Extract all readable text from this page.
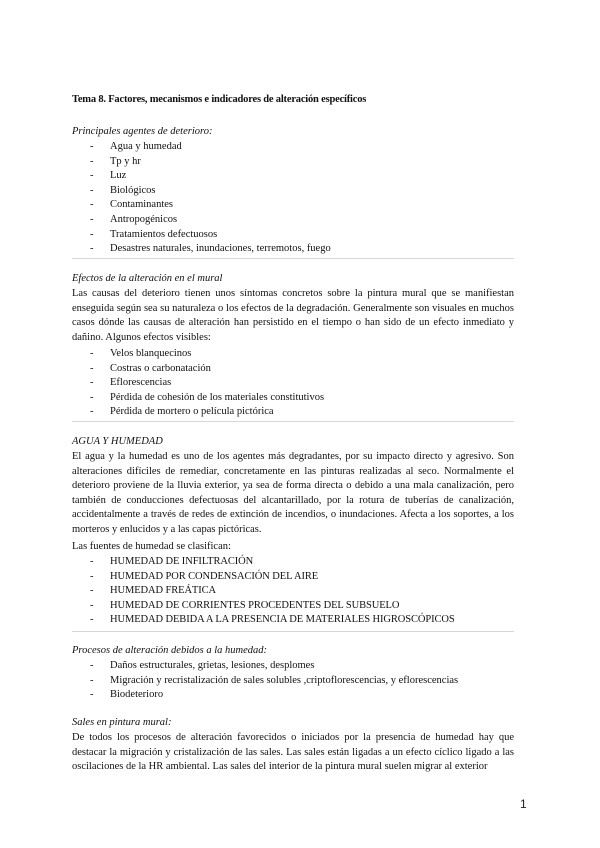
Tema 8. Factores, mecanismos e indicadores de alteración específicos
Principales agentes de deterioro:
- Agua y humedad
- Tp y hr
- Luz
- Biológicos
- Contaminantes
- Antropogénicos
- Tratamientos defectuosos
- Desastres naturales, inundaciones, terremotos, fuego
Efectos de la alteración en el mural
Las causas del deterioro tienen unos síntomas concretos sobre la pintura mural que se manifiestan enseguida según sea su naturaleza o los efectos de la degradación. Generalmente son visuales en muchos casos dónde las causas de alteración han persistido en el tiempo o han sido de un efecto inmediato y dañino. Algunos efectos visibles:
- Velos blanquecinos
- Costras o carbonatación
- Eflorescencias
- Pérdida de cohesión de los materiales constitutivos
- Pérdida de mortero o película pictórica
AGUA Y HUMEDAD
El agua y la humedad es uno de los agentes más degradantes, por su impacto directo y agresivo. Son alteraciones difíciles de remediar, concretamente en las pinturas realizadas al seco. Normalmente el deterioro proviene de la lluvia exterior, ya sea de forma directa o debido a una mala canalización, pero también de conducciones defectuosas del alcantarillado, por la rotura de tuberías de canalización, accidentalmente a través de redes de extinción de incendios, o inundaciones. Afecta a los soportes, a los morteros y enlucidos y a las capas pictóricas.
Las fuentes de humedad se clasifican:
- HUMEDAD DE INFILTRACIÓN
- HUMEDAD POR CONDENSACIÓN DEL AIRE
- HUMEDAD FREÁTICA
- HUMEDAD DE CORRIENTES PROCEDENTES DEL SUBSUELO
- HUMEDAD DEBIDA A LA PRESENCIA DE MATERIALES HIGROSCÓPICOS
Procesos de alteración debidos a la humedad:
- Daños estructurales, grietas, lesiones, desplomes
- Migración y recristalización de sales solubles ,criptoflorescencias, y eflorescencias
- Biodeterioro
Sales en pintura mural:
De todos los procesos de alteración favorecidos o iniciados por la presencia de humedad hay que destacar la migración y cristalización de las sales. Las sales están ligadas a un efecto cíclico ligado a las oscilaciones de la HR ambiental. Las sales del interior de la pintura mural suelen migrar al exterior
1
